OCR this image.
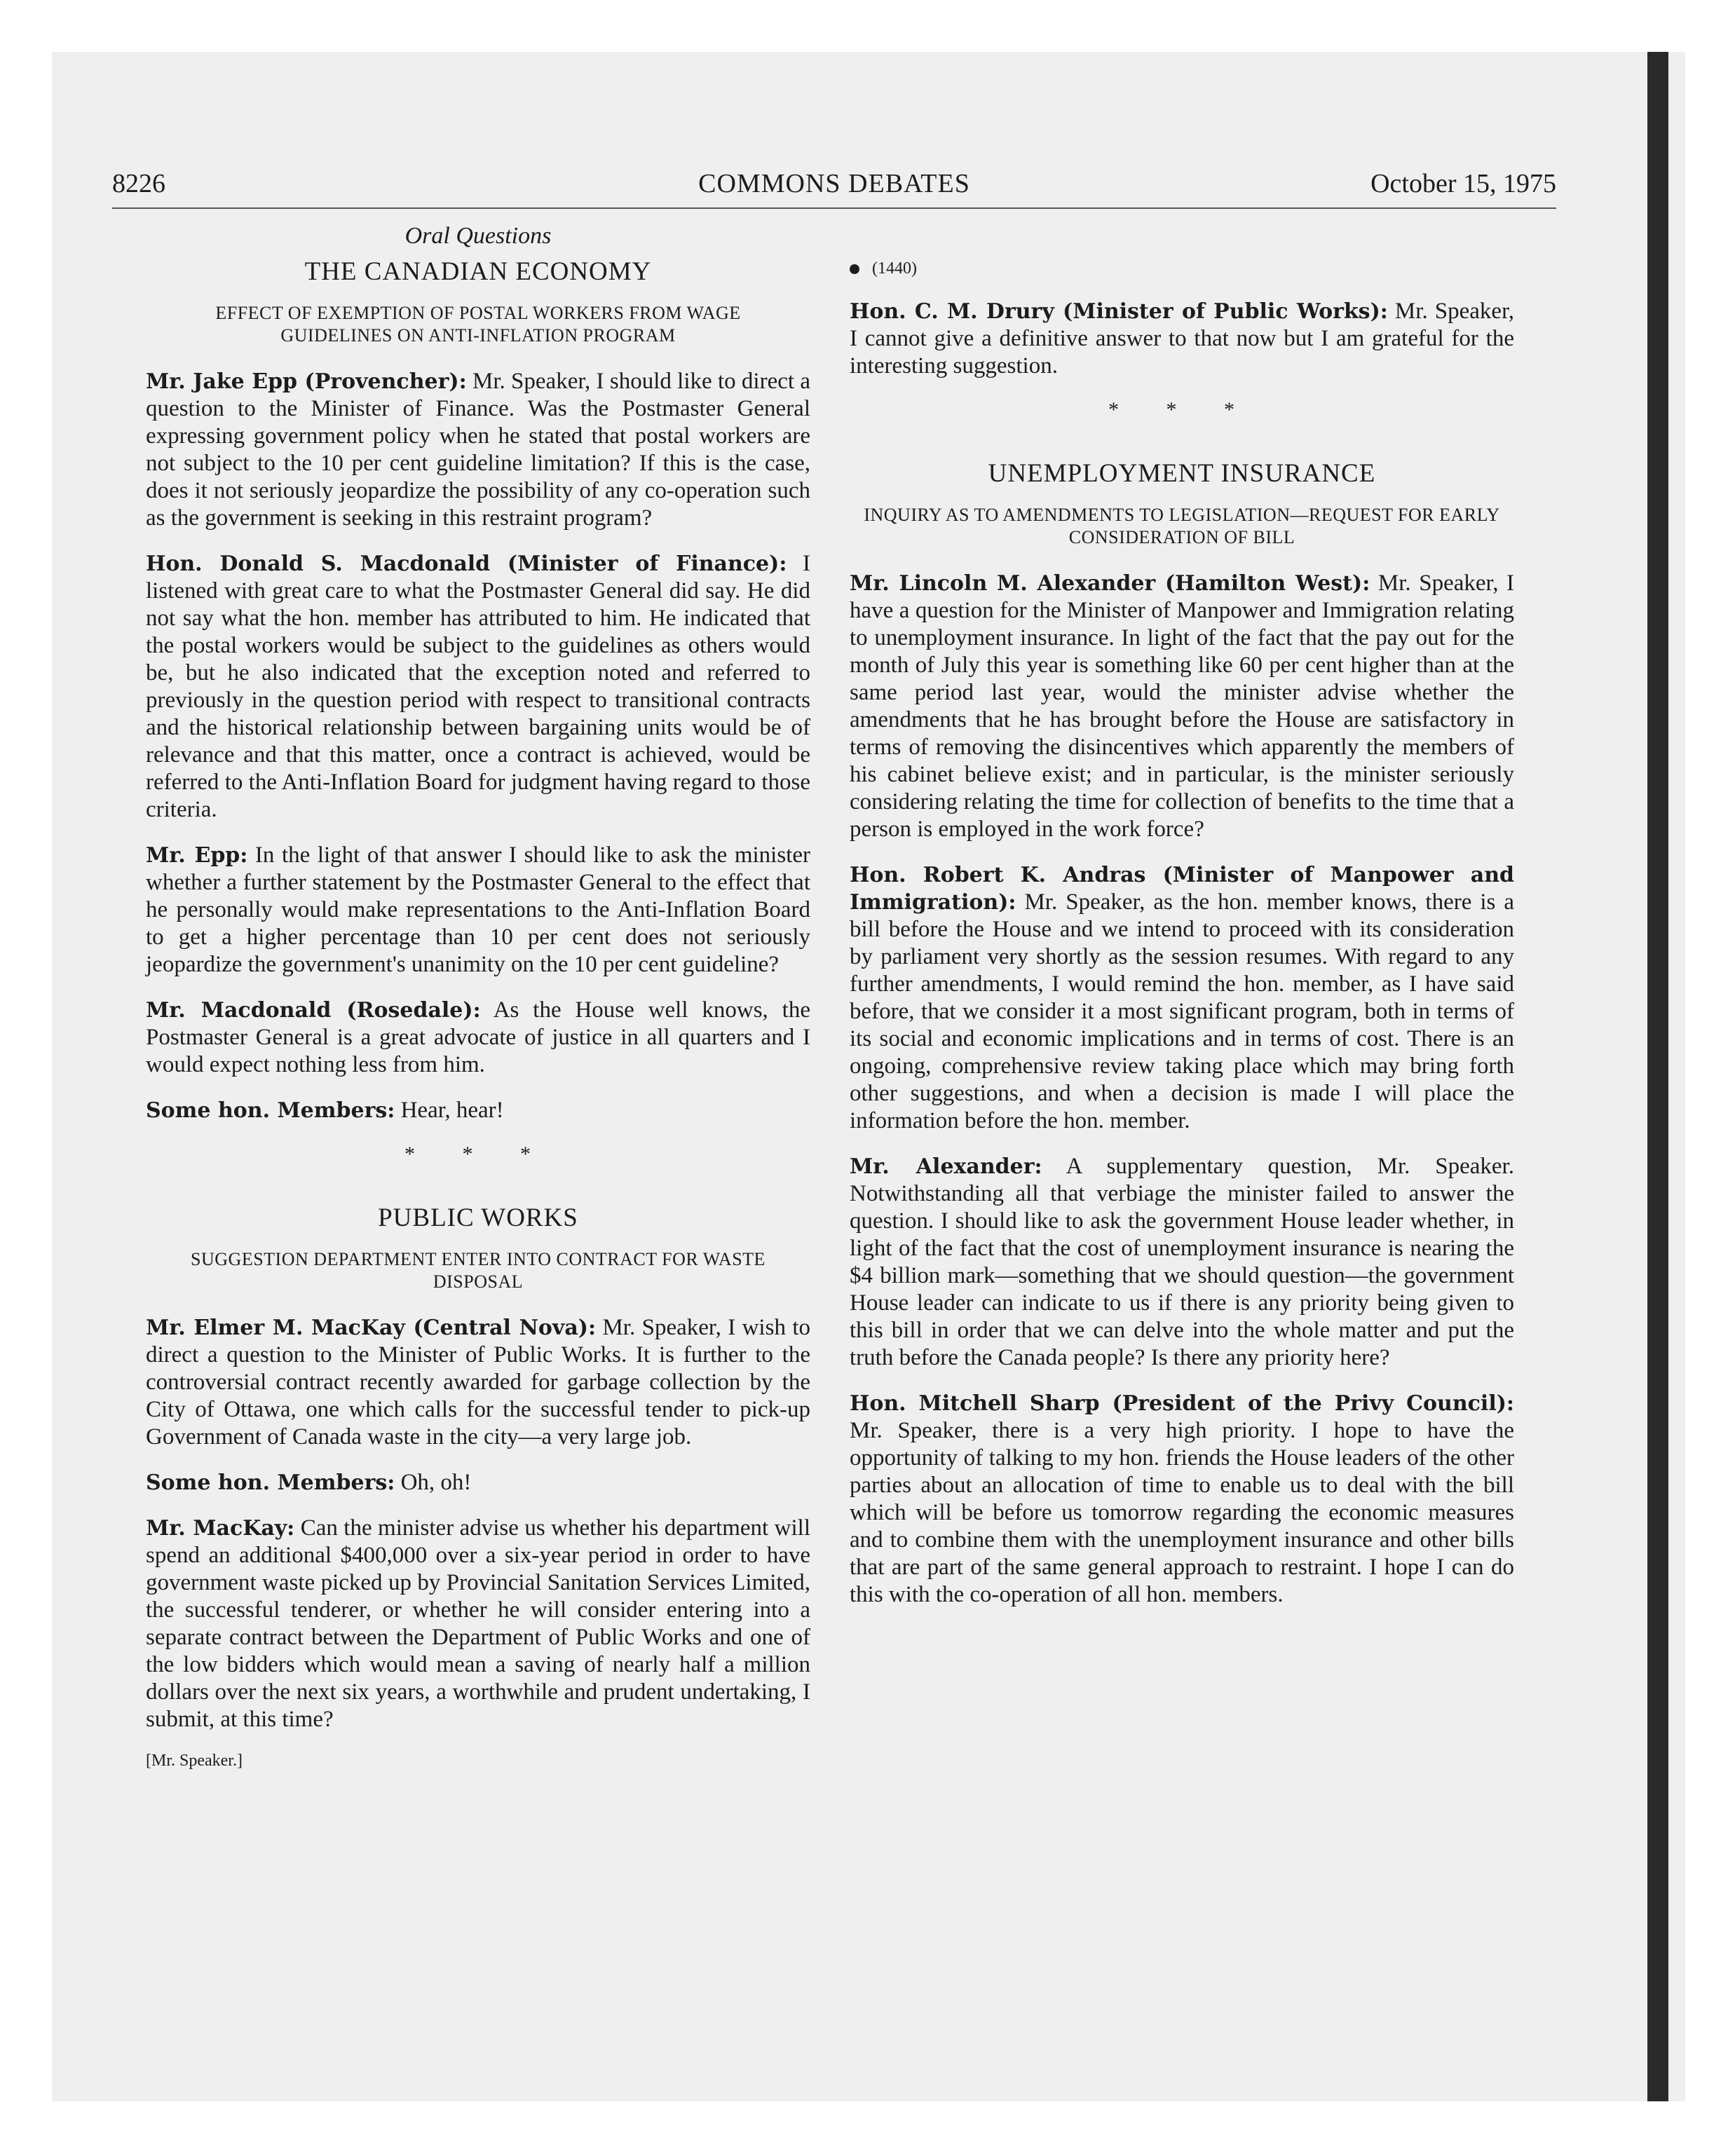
8226	COMMONS DEBATES	October 15, 1975
Oral Questions
THE CANADIAN ECONOMY
EFFECT OF EXEMPTION OF POSTAL WORKERS FROM WAGE GUIDELINES ON ANTI-INFLATION PROGRAM

Mr. Jake Epp (Provencher): Mr. Speaker, I should like to direct a question to the Minister of Finance. Was the Postmaster General expressing government policy when he stated that postal workers are not subject to the 10 per cent guideline limitation? If this is the case, does it not seriously jeopardize the possibility of any co-operation such as the government is seeking in this restraint program?

Hon. Donald S. Macdonald (Minister of Finance): I listened with great care to what the Postmaster General did say. He did not say what the hon. member has attributed to him. He indicated that the postal workers would be subject to the guidelines as others would be, but he also indicated that the exception noted and referred to previously in the question period with respect to transitional contracts and the historical relationship between bargaining units would be of relevance and that this matter, once a contract is achieved, would be referred to the Anti-Inflation Board for judgment having regard to those criteria.

Mr. Epp: In the light of that answer I should like to ask the minister whether a further statement by the Postmaster General to the effect that he personally would make representations to the Anti-Inflation Board to get a higher percentage than 10 per cent does not seriously jeopardize the government's unanimity on the 10 per cent guideline?

Mr. Macdonald (Rosedale): As the House well knows, the Postmaster General is a great advocate of justice in all quarters and I would expect nothing less from him.

Some hon. Members: Hear, hear!

* * *
PUBLIC WORKS
SUGGESTION DEPARTMENT ENTER INTO CONTRACT FOR WASTE DISPOSAL

Mr. Elmer M. MacKay (Central Nova): Mr. Speaker, I wish to direct a question to the Minister of Public Works. It is further to the controversial contract recently awarded for garbage collection by the City of Ottawa, one which calls for the successful tender to pick-up Government of Canada waste in the city—a very large job.

Some hon. Members: Oh, oh!

Mr. MacKay: Can the minister advise us whether his department will spend an additional $400,000 over a six-year period in order to have government waste picked up by Provincial Sanitation Services Limited, the successful tenderer, or whether he will consider entering into a separate contract between the Department of Public Works and one of the low bidders which would mean a saving of nearly half a million dollars over the next six years, a worthwhile and prudent undertaking, I submit, at this time?

[Mr. Speaker.]
(1440)

Hon. C. M. Drury (Minister of Public Works): Mr. Speaker, I cannot give a definitive answer to that now but I am grateful for the interesting suggestion.

* * *
UNEMPLOYMENT INSURANCE
INQUIRY AS TO AMENDMENTS TO LEGISLATION—REQUEST FOR EARLY CONSIDERATION OF BILL

Mr. Lincoln M. Alexander (Hamilton West): Mr. Speaker, I have a question for the Minister of Manpower and Immigration relating to unemployment insurance. In light of the fact that the pay out for the month of July this year is something like 60 per cent higher than at the same period last year, would the minister advise whether the amendments that he has brought before the House are satisfactory in terms of removing the disincentives which apparently the members of his cabinet believe exist; and in particular, is the minister seriously considering relating the time for collection of benefits to the time that a person is employed in the work force?

Hon. Robert K. Andras (Minister of Manpower and Immigration): Mr. Speaker, as the hon. member knows, there is a bill before the House and we intend to proceed with its consideration by parliament very shortly as the session resumes. With regard to any further amendments, I would remind the hon. member, as I have said before, that we consider it a most significant program, both in terms of its social and economic implications and in terms of cost. There is an ongoing, comprehensive review taking place which may bring forth other suggestions, and when a decision is made I will place the information before the hon. member.

Mr. Alexander: A supplementary question, Mr. Speaker. Notwithstanding all that verbiage the minister failed to answer the question. I should like to ask the government House leader whether, in light of the fact that the cost of unemployment insurance is nearing the $4 billion mark—something that we should question—the government House leader can indicate to us if there is any priority being given to this bill in order that we can delve into the whole matter and put the truth before the Canada people? Is there any priority here?

Hon. Mitchell Sharp (President of the Privy Council): Mr. Speaker, there is a very high priority. I hope to have the opportunity of talking to my hon. friends the House leaders of the other parties about an allocation of time to enable us to deal with the bill which will be before us tomorrow regarding the economic measures and to combine them with the unemployment insurance and other bills that are part of the same general approach to restraint. I hope I can do this with the co-operation of all hon. members.
